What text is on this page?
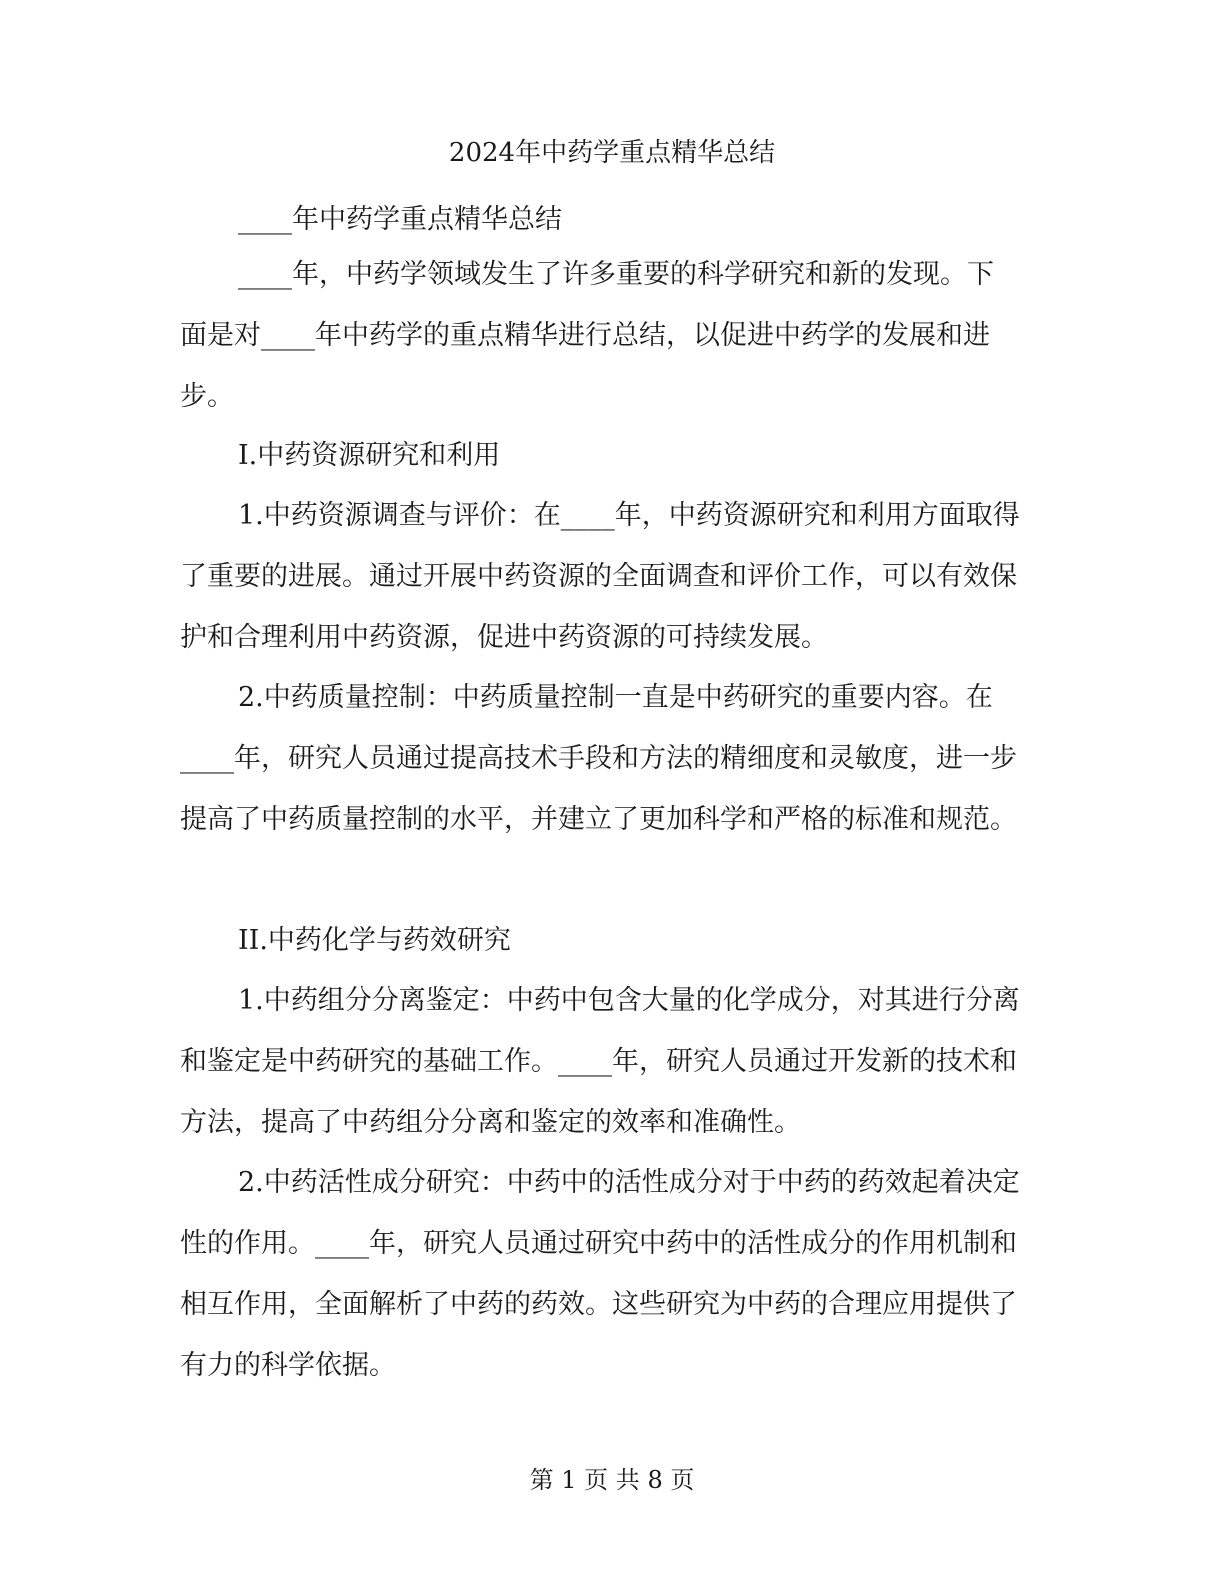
2024年中药学重点精华总结

____年中药学重点精华总结

____年，中药学领域发生了许多重要的科学研究和新的发现。下面是对____年中药学的重点精华进行总结，以促进中药学的发展和进步。

I.中药资源研究和利用

1.中药资源调查与评价：在____年，中药资源研究和利用方面取得了重要的进展。通过开展中药资源的全面调查和评价工作，可以有效保护和合理利用中药资源，促进中药资源的可持续发展。

2.中药质量控制：中药质量控制一直是中药研究的重要内容。在____年，研究人员通过提高技术手段和方法的精细度和灵敏度，进一步提高了中药质量控制的水平，并建立了更加科学和严格的标准和规范。

II.中药化学与药效研究

1.中药组分分离鉴定：中药中包含大量的化学成分，对其进行分离和鉴定是中药研究的基础工作。____年，研究人员通过开发新的技术和方法，提高了中药组分分离和鉴定的效率和准确性。

2.中药活性成分研究：中药中的活性成分对于中药的药效起着决定性的作用。____年，研究人员通过研究中药中的活性成分的作用机制和相互作用，全面解析了中药的药效。这些研究为中药的合理应用提供了有力的科学依据。

第 1 页 共 8 页
